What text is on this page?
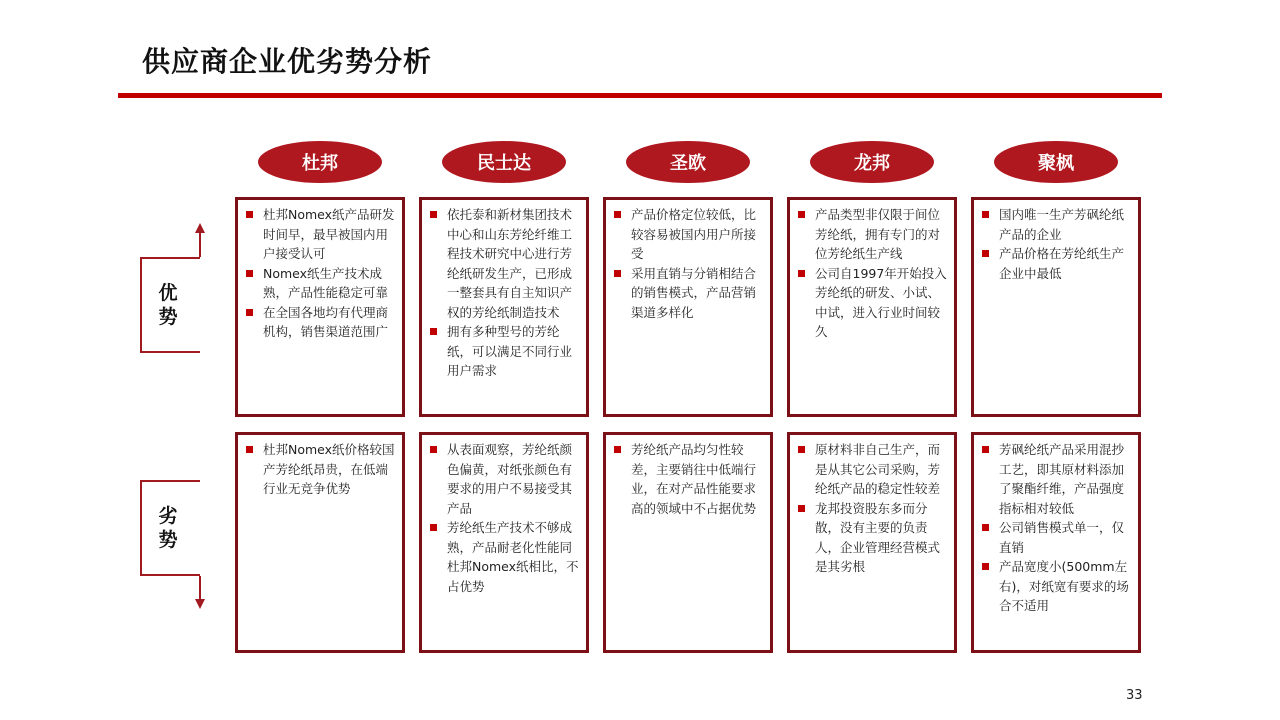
供应商企业优劣势分析
优
势
劣
势
杜邦
杜邦Nomex纸产品研发时间早，最早被国内用户接受认可
Nomex纸生产技术成熟，产品性能稳定可靠
在全国各地均有代理商机构，销售渠道范围广
杜邦Nomex纸价格较国产芳纶纸昂贵，在低端行业无竞争优势
民士达
依托泰和新材集团技术中心和山东芳纶纤维工程技术研究中心进行芳纶纸研发生产，已形成一整套具有自主知识产权的芳纶纸制造技术
拥有多种型号的芳纶纸，可以满足不同行业用户需求
从表面观察，芳纶纸颜色偏黄，对纸张颜色有要求的用户不易接受其产品
芳纶纸生产技术不够成熟，产品耐老化性能同杜邦Nomex纸相比，不占优势
圣欧
产品价格定位较低，比较容易被国内用户所接受
采用直销与分销相结合的销售模式，产品营销渠道多样化
芳纶纸产品均匀性较差，主要销往中低端行业，在对产品性能要求高的领域中不占据优势
龙邦
产品类型非仅限于间位芳纶纸，拥有专门的对位芳纶纸生产线
公司自1997年开始投入芳纶纸的研发、小试、中试，进入行业时间较久
原材料非自己生产，而是从其它公司采购，芳纶纸产品的稳定性较差
龙邦投资股东多而分散，没有主要的负责人，企业管理经营模式是其劣根
聚枫
国内唯一生产芳砜纶纸产品的企业
产品价格在芳纶纸生产企业中最低
芳砜纶纸产品采用混抄工艺，即其原材料添加了聚酯纤维，产品强度指标相对较低
公司销售模式单一，仅直销
产品宽度小(500mm左右)，对纸宽有要求的场合不适用
33
